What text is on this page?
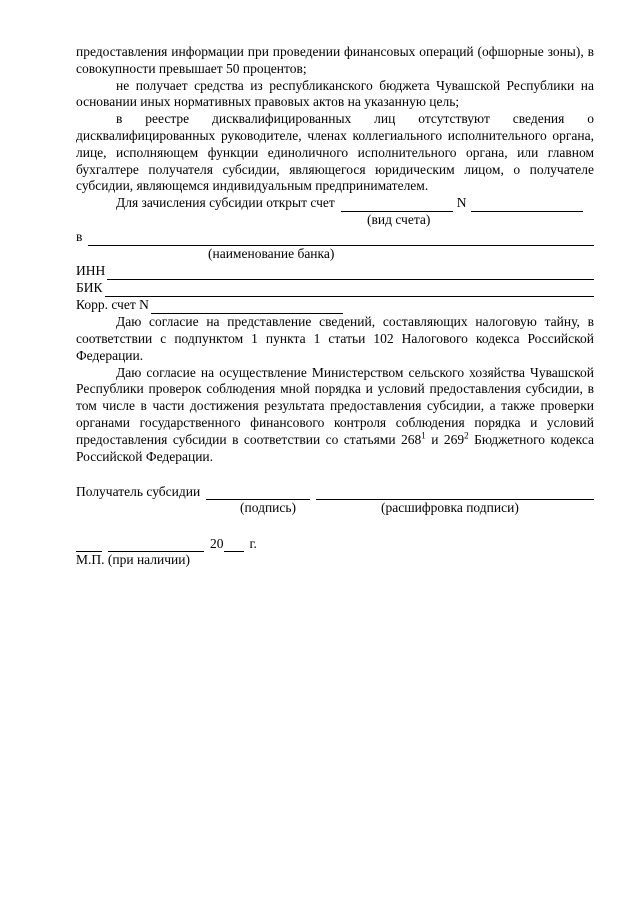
предоставления информации при проведении финансовых операций (офшорные зоны), в совокупности превышает 50 процентов;

не получает средства из республиканского бюджета Чувашской Республики на основании иных нормативных правовых актов на указанную цель;

в реестре дисквалифицированных лиц отсутствуют сведения о дисквалифицированных руководителе, членах коллегиального исполнительного органа, лице, исполняющем функции единоличного исполнительного органа, или главном бухгалтере получателя субсидии, являющегося юридическим лицом, о получателе субсидии, являющемся индивидуальным предпринимателем.

Для зачисления субсидии открыт счет	N
(вид счета)
в
(наименование банка)
ИНН
БИК
Корр. счет N

Даю согласие на представление сведений, составляющих налоговую тайну, в соответствии с подпунктом 1 пункта 1 статьи 102 Налогового кодекса Российской Федерации.

Даю согласие на осуществление Министерством сельского хозяйства Чувашской Республики проверок соблюдения мной порядка и условий предоставления субсидии, в том числе в части достижения результата предоставления субсидии, а также проверки органами государственного финансового контроля соблюдения порядка и условий предоставления субсидии в соответствии со статьями $268^1$ и $269^2$ Бюджетного кодекса Российской Федерации.

Получатель субсидии
(подпись)	(расшифровка подписи)
20 г.
М.П. (при наличии)
